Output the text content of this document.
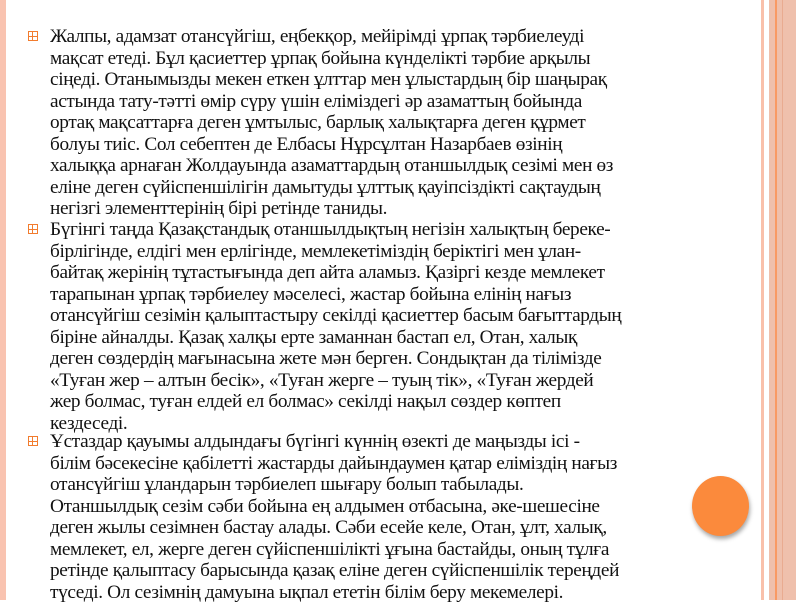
Жалпы, адамзат отансүйгіш, еңбекқор, мейірімді ұрпақ тәрбиелеуді
мақсат етеді. Бұл қасиеттер ұрпақ бойына күнделікті тәрбие арқылы
сіңеді. Отанымызды мекен еткен ұлттар мен ұлыстардың бір шаңырақ
астында тату-тәтті өмір сүру үшін еліміздегі әр азаматтың бойында
ортақ мақсаттарға деген ұмтылыс, барлық халықтарға деген құрмет
болуы тиіс. Сол себептен де Елбасы Нұрсұлтан Назарбаев өзінің
халыққа арнаған Жолдауында азаматтардың отаншылдық сезімі мен өз
еліне деген сүйіспеншілігін дамытуды ұлттық қауіпсіздікті сақтаудың
негізгі элементтерінің бірі ретінде таниды.
Бүгінгі таңда Қазақстандық отаншылдықтың негізін халықтың береке-
бірлігінде, елдігі мен ерлігінде, мемлекетіміздің беріктігі мен ұлан-
байтақ жерінің тұтастығында деп айта аламыз. Қазіргі кезде мемлекет
тарапынан ұрпақ тәрбиелеу мәселесі, жастар бойына елінің нағыз
отансүйгіш сезімін қалыптастыру секілді қасиеттер басым бағыттардың
біріне айналды. Қазақ халқы ерте заманнан бастап ел, Отан, халық
деген сөздердің мағынасына жете мән берген. Сондықтан да тілімізде
«Туған жер – алтын бесік», «Туған жерге – туың тік», «Туған жердей
жер болмас, туған елдей ел болмас» секілді нақыл сөздер көптеп
кездеседі.
Ұстаздар қауымы алдындағы бүгінгі күннің өзекті де маңызды ісі -
білім бәсекесіне қабілетті жастарды дайындаумен қатар еліміздің нағыз
отансүйгіш ұландарын тәрбиелеп шығару болып табылады.
Отаншылдық сезім сәби бойына ең алдымен отбасына, әке-шешесіне
деген жылы сезімнен бастау алады. Сәби есейе келе, Отан, ұлт, халық,
мемлекет, ел, жерге деген сүйіспеншілікті ұғына бастайды, оның тұлға
ретінде қалыптасу барысында қазақ еліне деген сүйіспеншілік тереңдей
түседі. Ол сезімнің дамуына ықпал ететін білім беру мекемелері.
